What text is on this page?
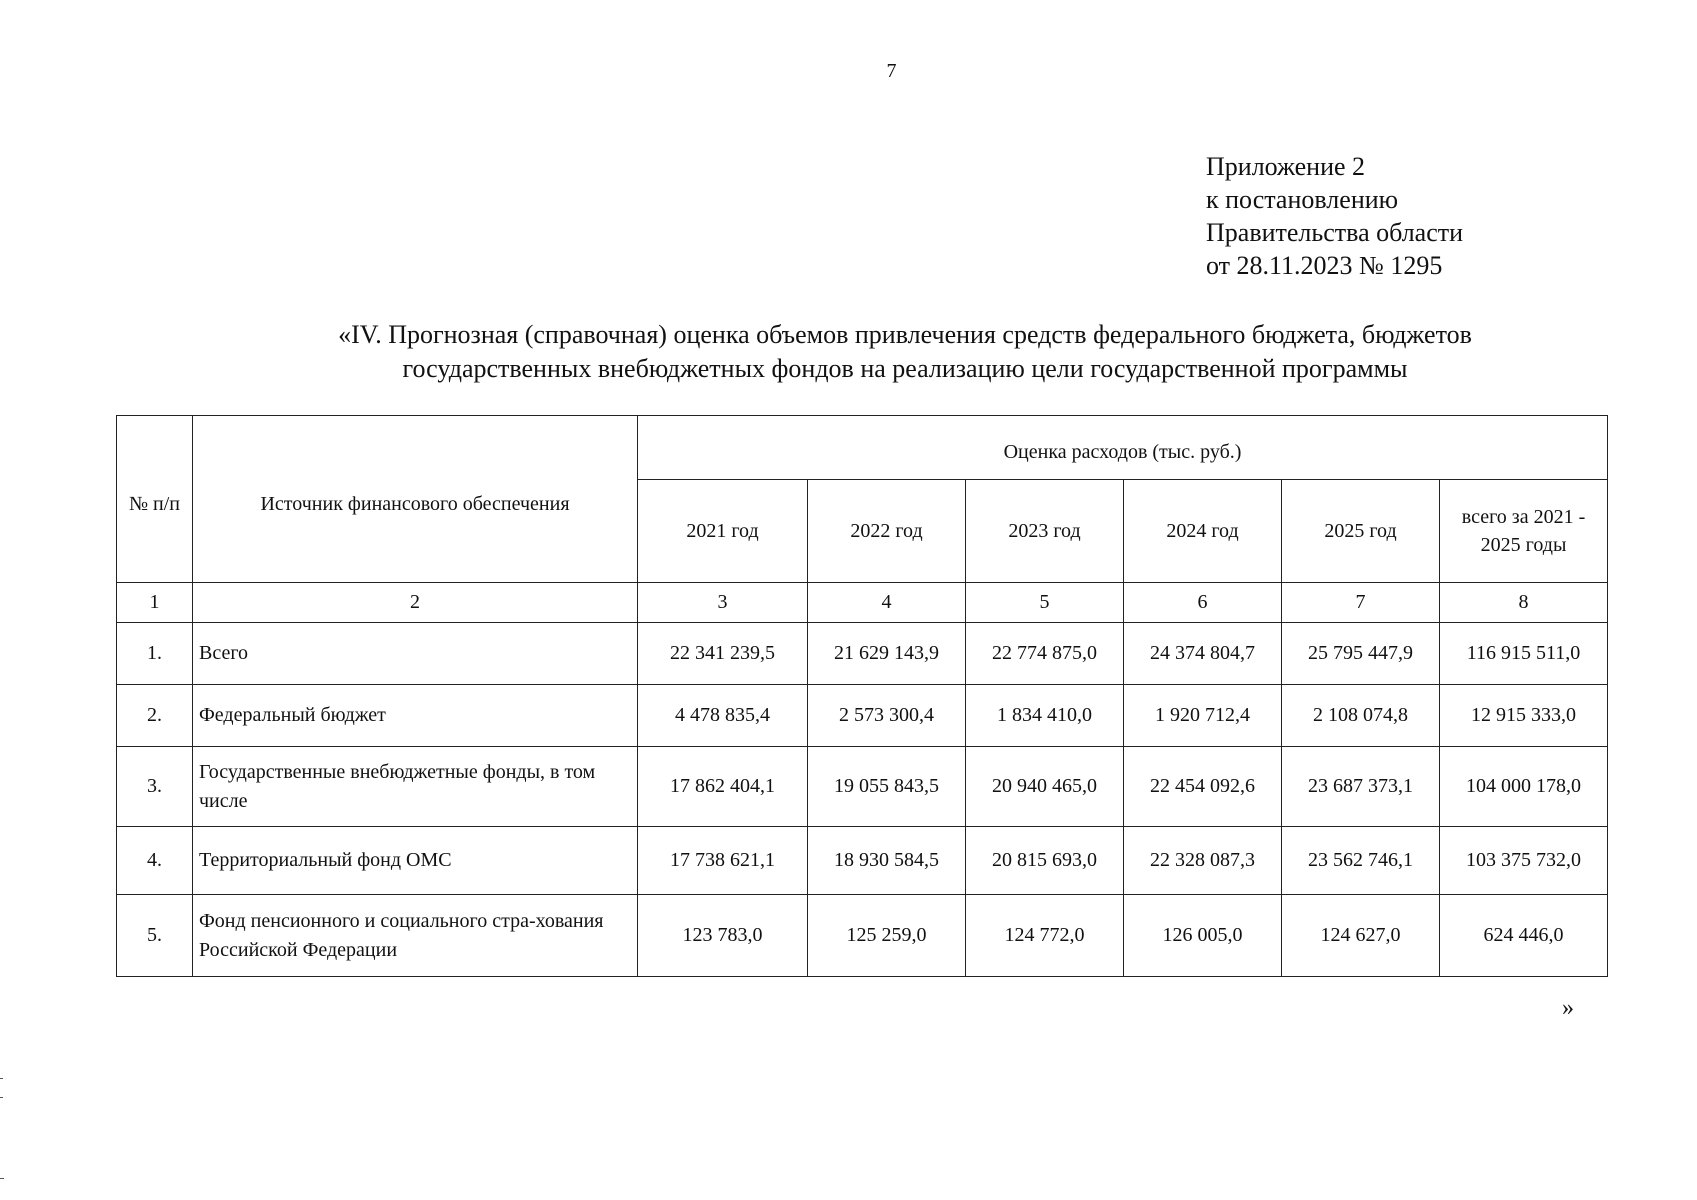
7
Приложение 2
к постановлению
Правительства области
от 28.11.2023 № 1295
«IV. Прогнозная (справочная) оценка объемов привлечения средств федерального бюджета, бюджетов
государственных внебюджетных фондов на реализацию цели государственной программы
№ п/п	Источник финансового обеспечения	Оценка расходов (тыс. руб.)					
		2021 год	2022 год	2023 год	2024 год	2025 год	всего за 2021 - 2025 годы
1	2	3	4	5	6	7	8
1.	Всего	22 341 239,5	21 629 143,9	22 774 875,0	24 374 804,7	25 795 447,9	116 915 511,0
2.	Федеральный бюджет	4 478 835,4	2 573 300,4	1 834 410,0	1 920 712,4	2 108 074,8	12 915 333,0
3.	Государственные внебюджетные фонды, в том числе	17 862 404,1	19 055 843,5	20 940 465,0	22 454 092,6	23 687 373,1	104 000 178,0
4.	Территориальный фонд ОМС	17 738 621,1	18 930 584,5	20 815 693,0	22 328 087,3	23 562 746,1	103 375 732,0
5.	Фонд пенсионного и социального стра-хования Российской Федерации	123 783,0	125 259,0	124 772,0	126 005,0	124 627,0	624 446,0
»
